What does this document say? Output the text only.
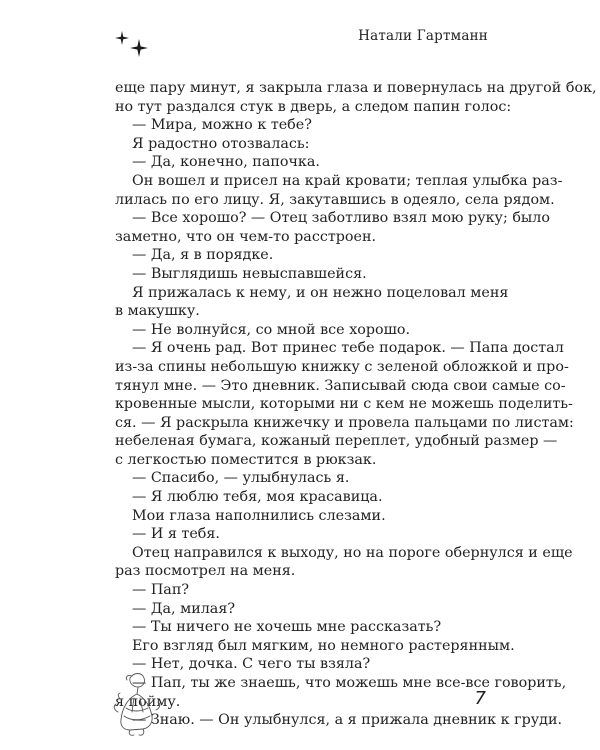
Натали Гартманн
еще пару минут, я закрыла глаза и повернулась на другой бок,
но тут раздался стук в дверь, а следом папин голос:
— Мира, можно к тебе?
Я радостно отозвалась:
— Да, конечно, папочка.
Он вошел и присел на край кровати; теплая улыбка раз-
лилась по его лицу. Я, закутавшись в одеяло, села рядом.
— Все хорошо? — Отец заботливо взял мою руку; было
заметно, что он чем-то расстроен.
— Да, я в порядке.
— Выглядишь невыспавшейся.
Я прижалась к нему, и он нежно поцеловал меня
в макушку.
— Не волнуйся, со мной все хорошо.
— Я очень рад. Вот принес тебе подарок. — Папа достал
из-за спины небольшую книжку с зеленой обложкой и про-
тянул мне. — Это дневник. Записывай сюда свои самые со-
кровенные мысли, которыми ни с кем не можешь поделить-
ся. — Я раскрыла книжечку и провела пальцами по листам:
небеленая бумага, кожаный переплет, удобный размер —
с легкостью поместится в рюкзак.
— Спасибо, — улыбнулась я.
— Я люблю тебя, моя красавица.
Мои глаза наполнились слезами.
— И я тебя.
Отец направился к выходу, но на пороге обернулся и еще
раз посмотрел на меня.
— Пап?
— Да, милая?
— Ты ничего не хочешь мне рассказать?
Его взгляд был мягким, но немного растерянным.
— Нет, дочка. С чего ты взяла?
— Пап, ты же знаешь, что можешь мне все-все говорить,
я пойму.
— Знаю. — Он улыбнулся, а я прижала дневник к груди.
7
